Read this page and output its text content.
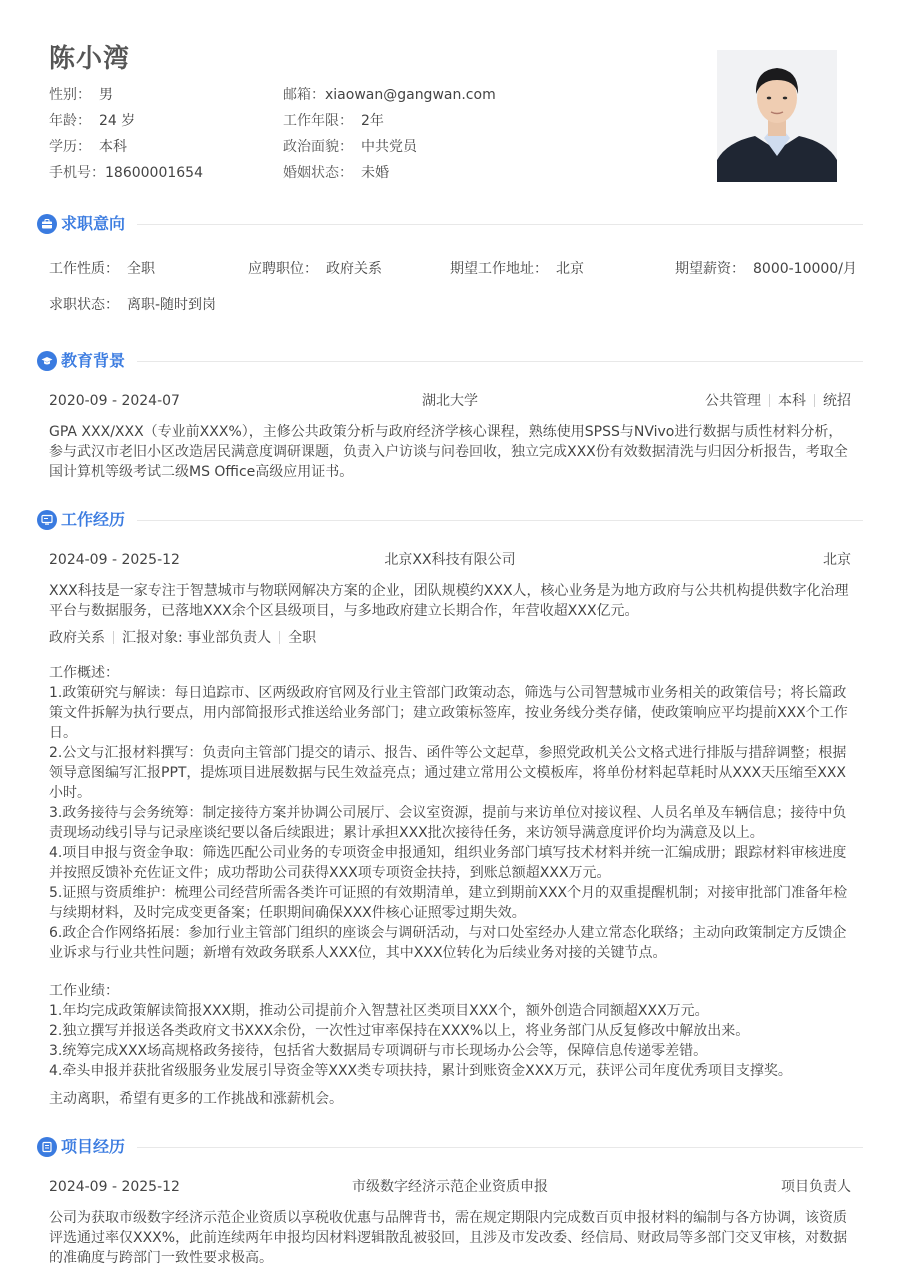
陈小湾
性别： 男	邮箱：xiaowan@gangwan.com
年龄： 24 岁	工作年限： 2年
学历： 本科	政治面貌： 中共党员
手机号：18600001654	婚姻状态： 未婚
求职意向
工作性质： 全职	应聘职位： 政府关系	期望工作地址： 北京	期望薪资： 8000-10000/月
求职状态： 离职-随时到岗
教育背景
2020-09 - 2024-07	湖北大学	公共管理 本科 统招
GPA XXX/XXX（专业前XXX%），主修公共政策分析与政府经济学核心课程，熟练使用SPSS与NVivo进行数据与质性材料分析，参与武汉市老旧小区改造居民满意度调研课题，负责入户访谈与问卷回收，独立完成XXX份有效数据清洗与归因分析报告，考取全国计算机等级考试二级MS Office高级应用证书。
工作经历
2024-09 - 2025-12	北京XX科技有限公司	北京
XXX科技是一家专注于智慧城市与物联网解决方案的企业，团队规模约XXX人，核心业务是为地方政府与公共机构提供数字化治理平台与数据服务，已落地XXX余个区县级项目，与多地政府建立长期合作，年营收超XXX亿元。
政府关系 汇报对象: 事业部负责人 全职

工作概述：

1.政策研究与解读：每日追踪市、区两级政府官网及行业主管部门政策动态，筛选与公司智慧城市业务相关的政策信号；将长篇政策文件拆解为执行要点，用内部简报形式推送给业务部门；建立政策标签库，按业务线分类存储，使政策响应平均提前XXX个工作日。

2.公文与汇报材料撰写：负责向主管部门提交的请示、报告、函件等公文起草，参照党政机关公文格式进行排版与措辞调整；根据领导意图编写汇报PPT，提炼项目进展数据与民生效益亮点；通过建立常用公文模板库，将单份材料起草耗时从XXX天压缩至XXX小时。

3.政务接待与会务统筹：制定接待方案并协调公司展厅、会议室资源，提前与来访单位对接议程、人员名单及车辆信息；接待中负责现场动线引导与记录座谈纪要以备后续跟进；累计承担XXX批次接待任务，来访领导满意度评价均为满意及以上。

4.项目申报与资金争取：筛选匹配公司业务的专项资金申报通知，组织业务部门填写技术材料并统一汇编成册；跟踪材料审核进度并按照反馈补充佐证文件；成功帮助公司获得XXX项专项资金扶持，到账总额超XXX万元。

5.证照与资质维护：梳理公司经营所需各类许可证照的有效期清单，建立到期前XXX个月的双重提醒机制；对接审批部门准备年检与续期材料，及时完成变更备案；任职期间确保XXX件核心证照零过期失效。

6.政企合作网络拓展：参加行业主管部门组织的座谈会与调研活动，与对口处室经办人建立常态化联络；主动向政策制定方反馈企业诉求与行业共性问题；新增有效政务联系人XXX位，其中XXX位转化为后续业务对接的关键节点。

工作业绩：

1.年均完成政策解读简报XXX期，推动公司提前介入智慧社区类项目XXX个，额外创造合同额超XXX万元。

2.独立撰写并报送各类政府文书XXX余份，一次性过审率保持在XXX%以上，将业务部门从反复修改中解放出来。

3.统筹完成XXX场高规格政务接待，包括省大数据局专项调研与市长现场办公会等，保障信息传递零差错。

4.牵头申报并获批省级服务业发展引导资金等XXX类专项扶持，累计到账资金XXX万元，获评公司年度优秀项目支撑奖。

主动离职，希望有更多的工作挑战和涨薪机会。
项目经历
2024-09 - 2025-12	市级数字经济示范企业资质申报	项目负责人
公司为获取市级数字经济示范企业资质以享税收优惠与品牌背书，需在规定期限内完成数百页申报材料的编制与各方协调，该资质评选通过率仅XXX%，此前连续两年申报均因材料逻辑散乱被驳回，且涉及市发改委、经信局、财政局等多部门交叉审核，对数据的准确度与跨部门一致性要求极高。
